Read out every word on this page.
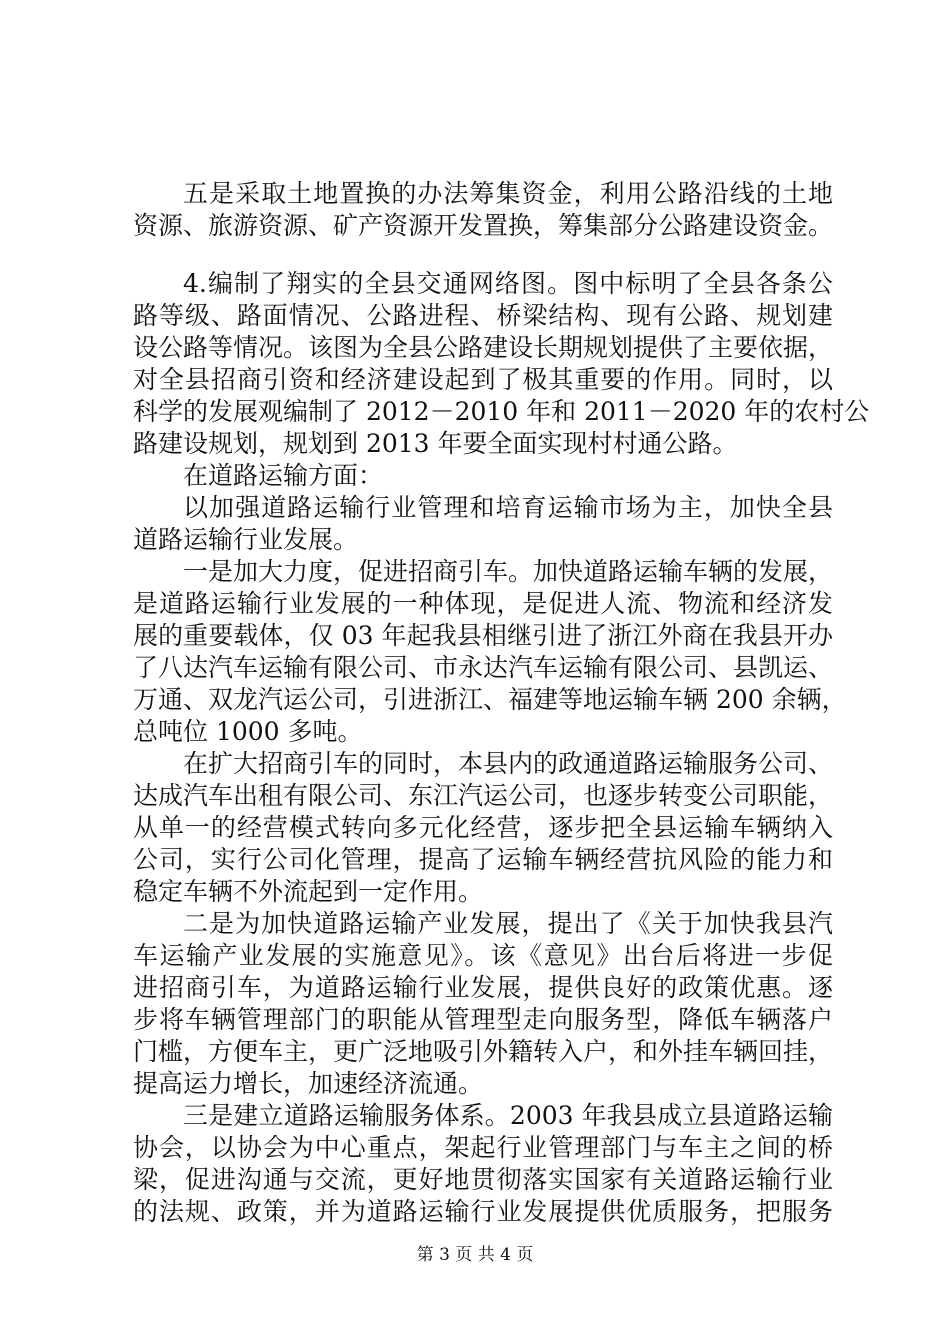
五是采取土地置换的办法筹集资金，利用公路沿线的土地
资源、旅游资源、矿产资源开发置换，筹集部分公路建设资金。
4.编制了翔实的全县交通网络图。图中标明了全县各条公
路等级、路面情况、公路进程、桥梁结构、现有公路、规划建
设公路等情况。该图为全县公路建设长期规划提供了主要依据，
对全县招商引资和经济建设起到了极其重要的作用。同时，以
科学的发展观编制了 2012－2010 年和 2011－2020 年的农村公
路建设规划，规划到 2013 年要全面实现村村通公路。
在道路运输方面：
以加强道路运输行业管理和培育运输市场为主，加快全县
道路运输行业发展。
一是加大力度，促进招商引车。加快道路运输车辆的发展，
是道路运输行业发展的一种体现，是促进人流、物流和经济发
展的重要载体，仅 03 年起我县相继引进了浙江外商在我县开办
了八达汽车运输有限公司、市永达汽车运输有限公司、县凯运、
万通、双龙汽运公司，引进浙江、福建等地运输车辆 200 余辆，
总吨位 1000 多吨。
在扩大招商引车的同时，本县内的政通道路运输服务公司、
达成汽车出租有限公司、东江汽运公司，也逐步转变公司职能，
从单一的经营模式转向多元化经营，逐步把全县运输车辆纳入
公司，实行公司化管理，提高了运输车辆经营抗风险的能力和
稳定车辆不外流起到一定作用。
二是为加快道路运输产业发展，提出了《关于加快我县汽
车运输产业发展的实施意见》。该《意见》出台后将进一步促
进招商引车，为道路运输行业发展，提供良好的政策优惠。逐
步将车辆管理部门的职能从管理型走向服务型，降低车辆落户
门槛，方便车主，更广泛地吸引外籍转入户，和外挂车辆回挂，
提高运力增长，加速经济流通。
三是建立道路运输服务体系。2003 年我县成立县道路运输
协会，以协会为中心重点，架起行业管理部门与车主之间的桥
梁，促进沟通与交流，更好地贯彻落实国家有关道路运输行业
的法规、政策，并为道路运输行业发展提供优质服务，把服务
第 3 页 共 4 页
